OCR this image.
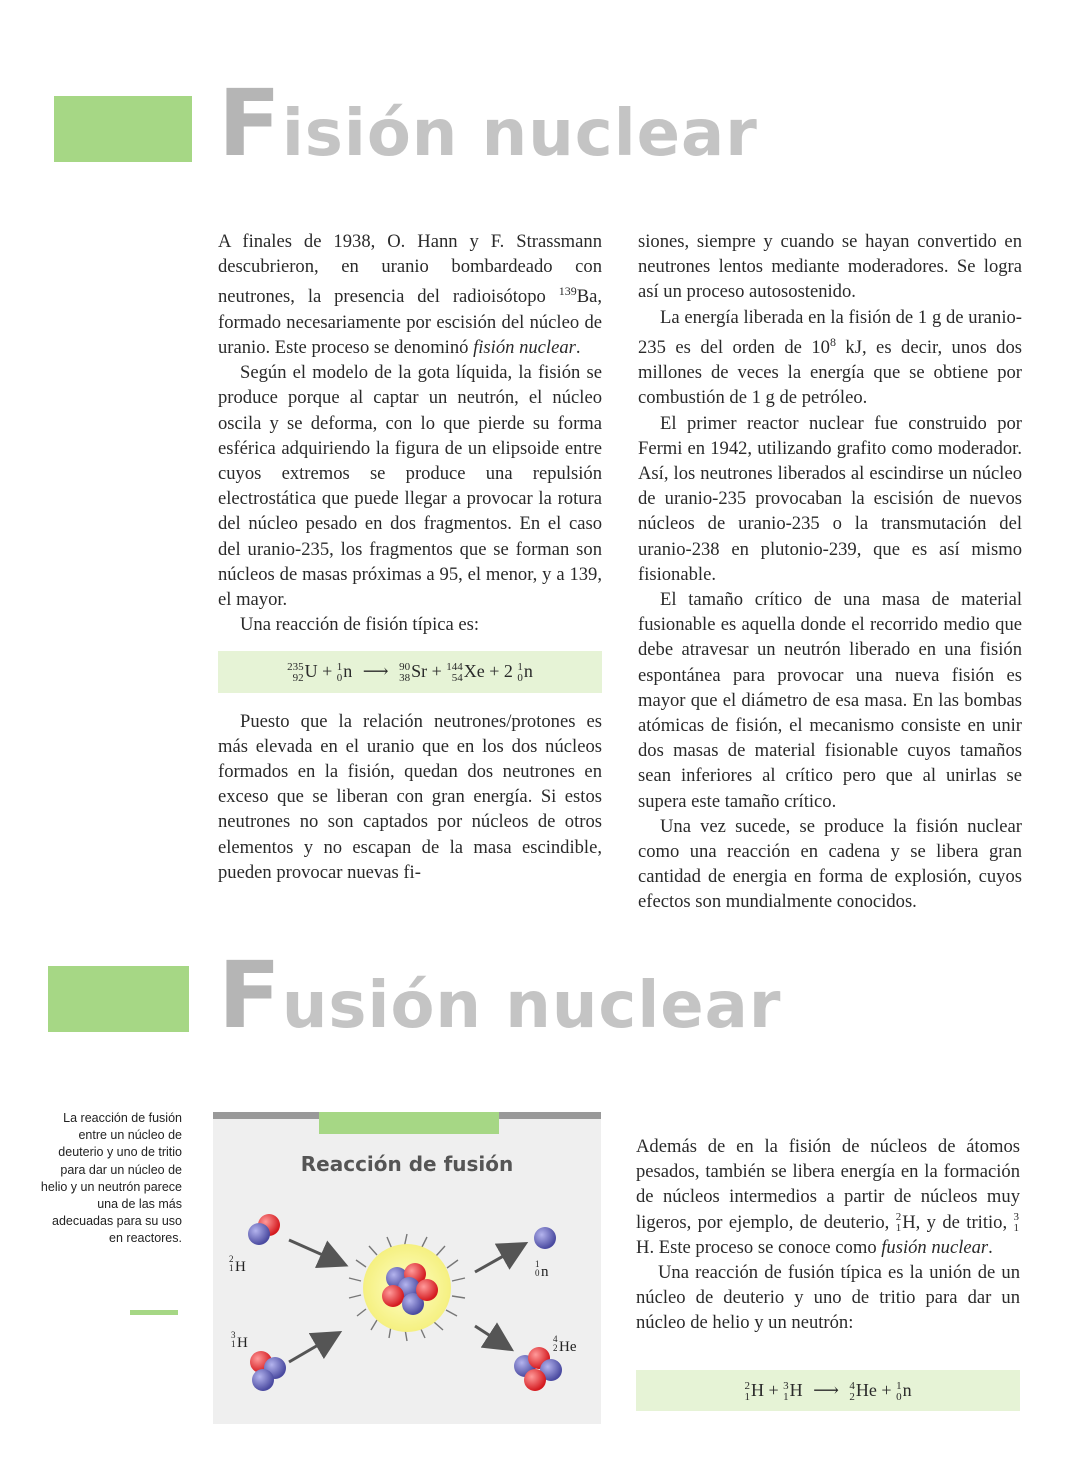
Fisión nuclear

A finales de 1938, O. Hann y F. Strassmann descubrieron, en uranio bombardeado con neutrones, la presencia del radioisótopo $^{139}$Ba, formado necesariamente por escisión del núcleo de uranio. Este proceso se denominó fisión nuclear.

Según el modelo de la gota líquida, la fisión se produce porque al captar un neutrón, el núcleo oscila y se deforma, con lo que pierde su forma esférica adquiriendo la figura de un elipsoide entre cuyos extremos se produce una repulsión electrostática que puede llegar a provocar la rotura del núcleo pesado en dos fragmentos. En el caso del uranio-235, los fragmentos que se forman son núcleos de masas próximas a 95, el menor, y a 139, el mayor.

Una reacción de fisión típica es:

235
92 U + 1
0 n ⟶ 90
38 Sr + 144
54 Xe + 2 1
0 n

Puesto que la relación neutrones/protones es más elevada en el uranio que en los dos núcleos formados en la fisión, quedan dos neutrones en exceso que se liberan con gran energía. Si estos neutrones no son captados por núcleos de otros elementos y no escapan de la masa escindible, pueden provocar nuevas fi-

siones, siempre y cuando se hayan convertido en neutrones lentos mediante moderadores. Se logra así un proceso autosostenido.

La energía liberada en la fisión de 1 g de uranio-235 es del orden de $10^8$ kJ, es decir, unos dos millones de veces la energía que se obtiene por combustión de 1 g de petróleo.

El primer reactor nuclear fue construido por Fermi en 1942, utilizando grafito como moderador. Así, los neutrones liberados al escindirse un núcleo de uranio-235 provocaban la escisión de nuevos núcleos de uranio-235 o la transmutación del uranio-238 en plutonio-239, que es así mismo fisionable.

El tamaño crítico de una masa de material fusionable es aquella donde el recorrido medio que debe atravesar un neutrón liberado en una fisión espontánea para provocar una nueva fisión es mayor que el diámetro de esa masa. En las bombas atómicas de fisión, el mecanismo consiste en unir dos masas de material fisionable cuyos tamaños sean inferiores al crítico pero que al unirlas se supera este tamaño crítico.

Una vez sucede, se produce la fisión nuclear como una reacción en cadena y se libera gran cantidad de energia en forma de explosión, cuyos efectos son mundialmente conocidos.

Fusión nuclear
La reacción de fusión entre un núcleo de deuterio y uno de tritio para dar un núcleo de helio y un neutrón parece una de las más adecuadas para su uso en reactores.
Reacción de fusión
2
1 H
3
1 H
1
0 n
4
2 He

Además de en la fisión de núcleos de átomos pesados, también se libera energía en la formación de núcleos intermedios a partir de núcleos muy ligeros, por ejemplo, de deuterio, 2
1 H, y de tritio, 3
1
H. Este proceso se conoce como fusión nuclear.

Una reacción de fusión típica es la unión de un núcleo de deuterio y uno de tritio para dar un núcleo de helio y un neutrón:

2
1 H + 3
1 H ⟶ 4
2 He + 1
0 n
